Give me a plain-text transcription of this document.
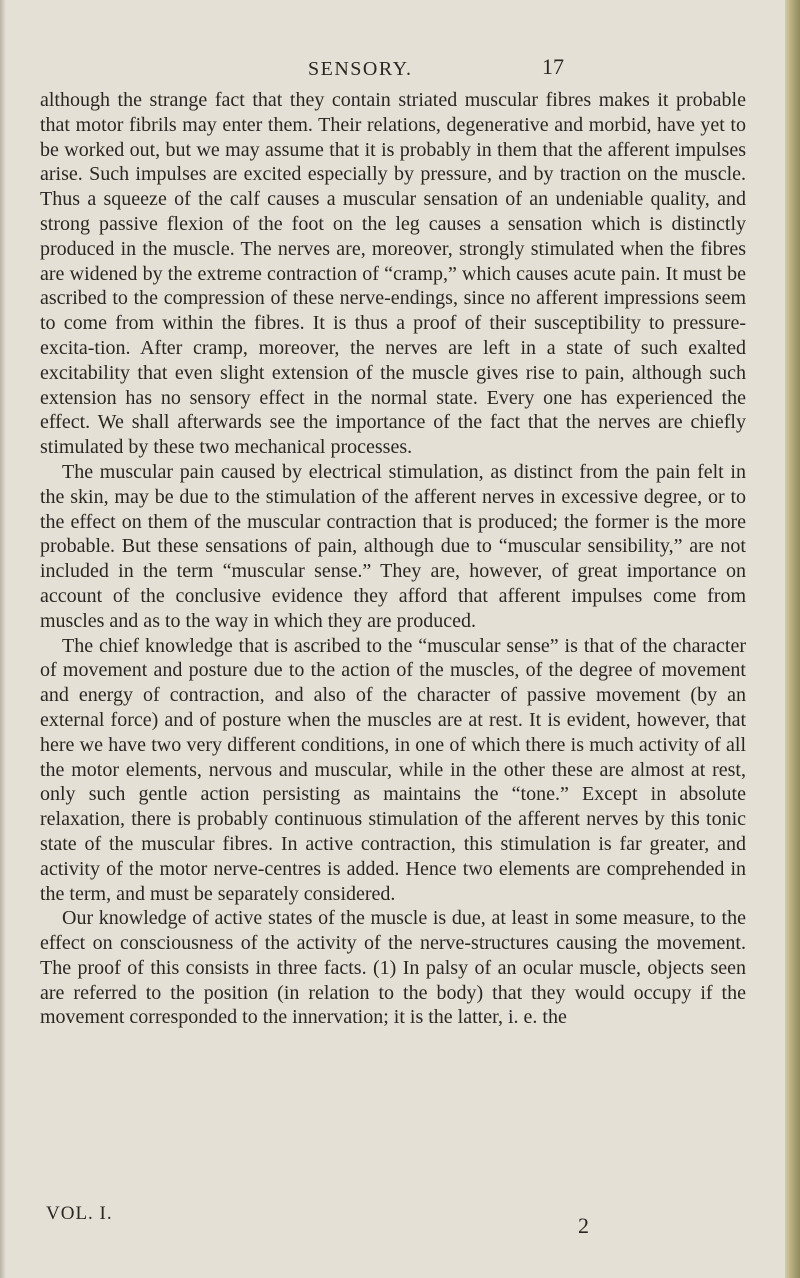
SENSORY.	17

although the strange fact that they contain striated muscular fibres makes it probable that motor fibrils may enter them. Their relations, degenerative and morbid, have yet to be worked out, but we may assume that it is probably in them that the afferent impulses arise. Such impulses are excited especially by pressure, and by traction on the muscle. Thus a squeeze of the calf causes a muscular sensation of an undeniable quality, and strong passive flexion of the foot on the leg causes a sensation which is distinctly produced in the muscle. The nerves are, moreover, strongly stimulated when the fibres are widened by the extreme contraction of “cramp,” which causes acute pain. It must be ascribed to the compression of these nerve-endings, since no afferent impressions seem to come from within the fibres. It is thus a proof of their susceptibility to pressure-excita-tion. After cramp, moreover, the nerves are left in a state of such exalted excitability that even slight extension of the muscle gives rise to pain, although such extension has no sensory effect in the normal state. Every one has experienced the effect. We shall afterwards see the importance of the fact that the nerves are chiefly stimulated by these two mechanical processes.

The muscular pain caused by electrical stimulation, as distinct from the pain felt in the skin, may be due to the stimulation of the afferent nerves in excessive degree, or to the effect on them of the muscular contraction that is produced; the former is the more probable. But these sensations of pain, although due to “muscular sensibility,” are not included in the term “muscular sense.” They are, however, of great importance on account of the conclusive evidence they afford that afferent impulses come from muscles and as to the way in which they are produced.

The chief knowledge that is ascribed to the “muscular sense” is that of the character of movement and posture due to the action of the muscles, of the degree of movement and energy of contraction, and also of the character of passive movement (by an external force) and of posture when the muscles are at rest. It is evident, however, that here we have two very different conditions, in one of which there is much activity of all the motor elements, nervous and muscular, while in the other these are almost at rest, only such gentle action persisting as maintains the “tone.” Except in absolute relaxation, there is probably continuous stimulation of the afferent nerves by this tonic state of the muscular fibres. In active contraction, this stimulation is far greater, and activity of the motor nerve-centres is added. Hence two elements are comprehended in the term, and must be separately considered.

Our knowledge of active states of the muscle is due, at least in some measure, to the effect on consciousness of the activity of the nerve-structures causing the movement. The proof of this consists in three facts. (1) In palsy of an ocular muscle, objects seen are referred to the position (in relation to the body) that they would occupy if the movement corresponded to the innervation; it is the latter, i. e. the

VOL. I.	2
